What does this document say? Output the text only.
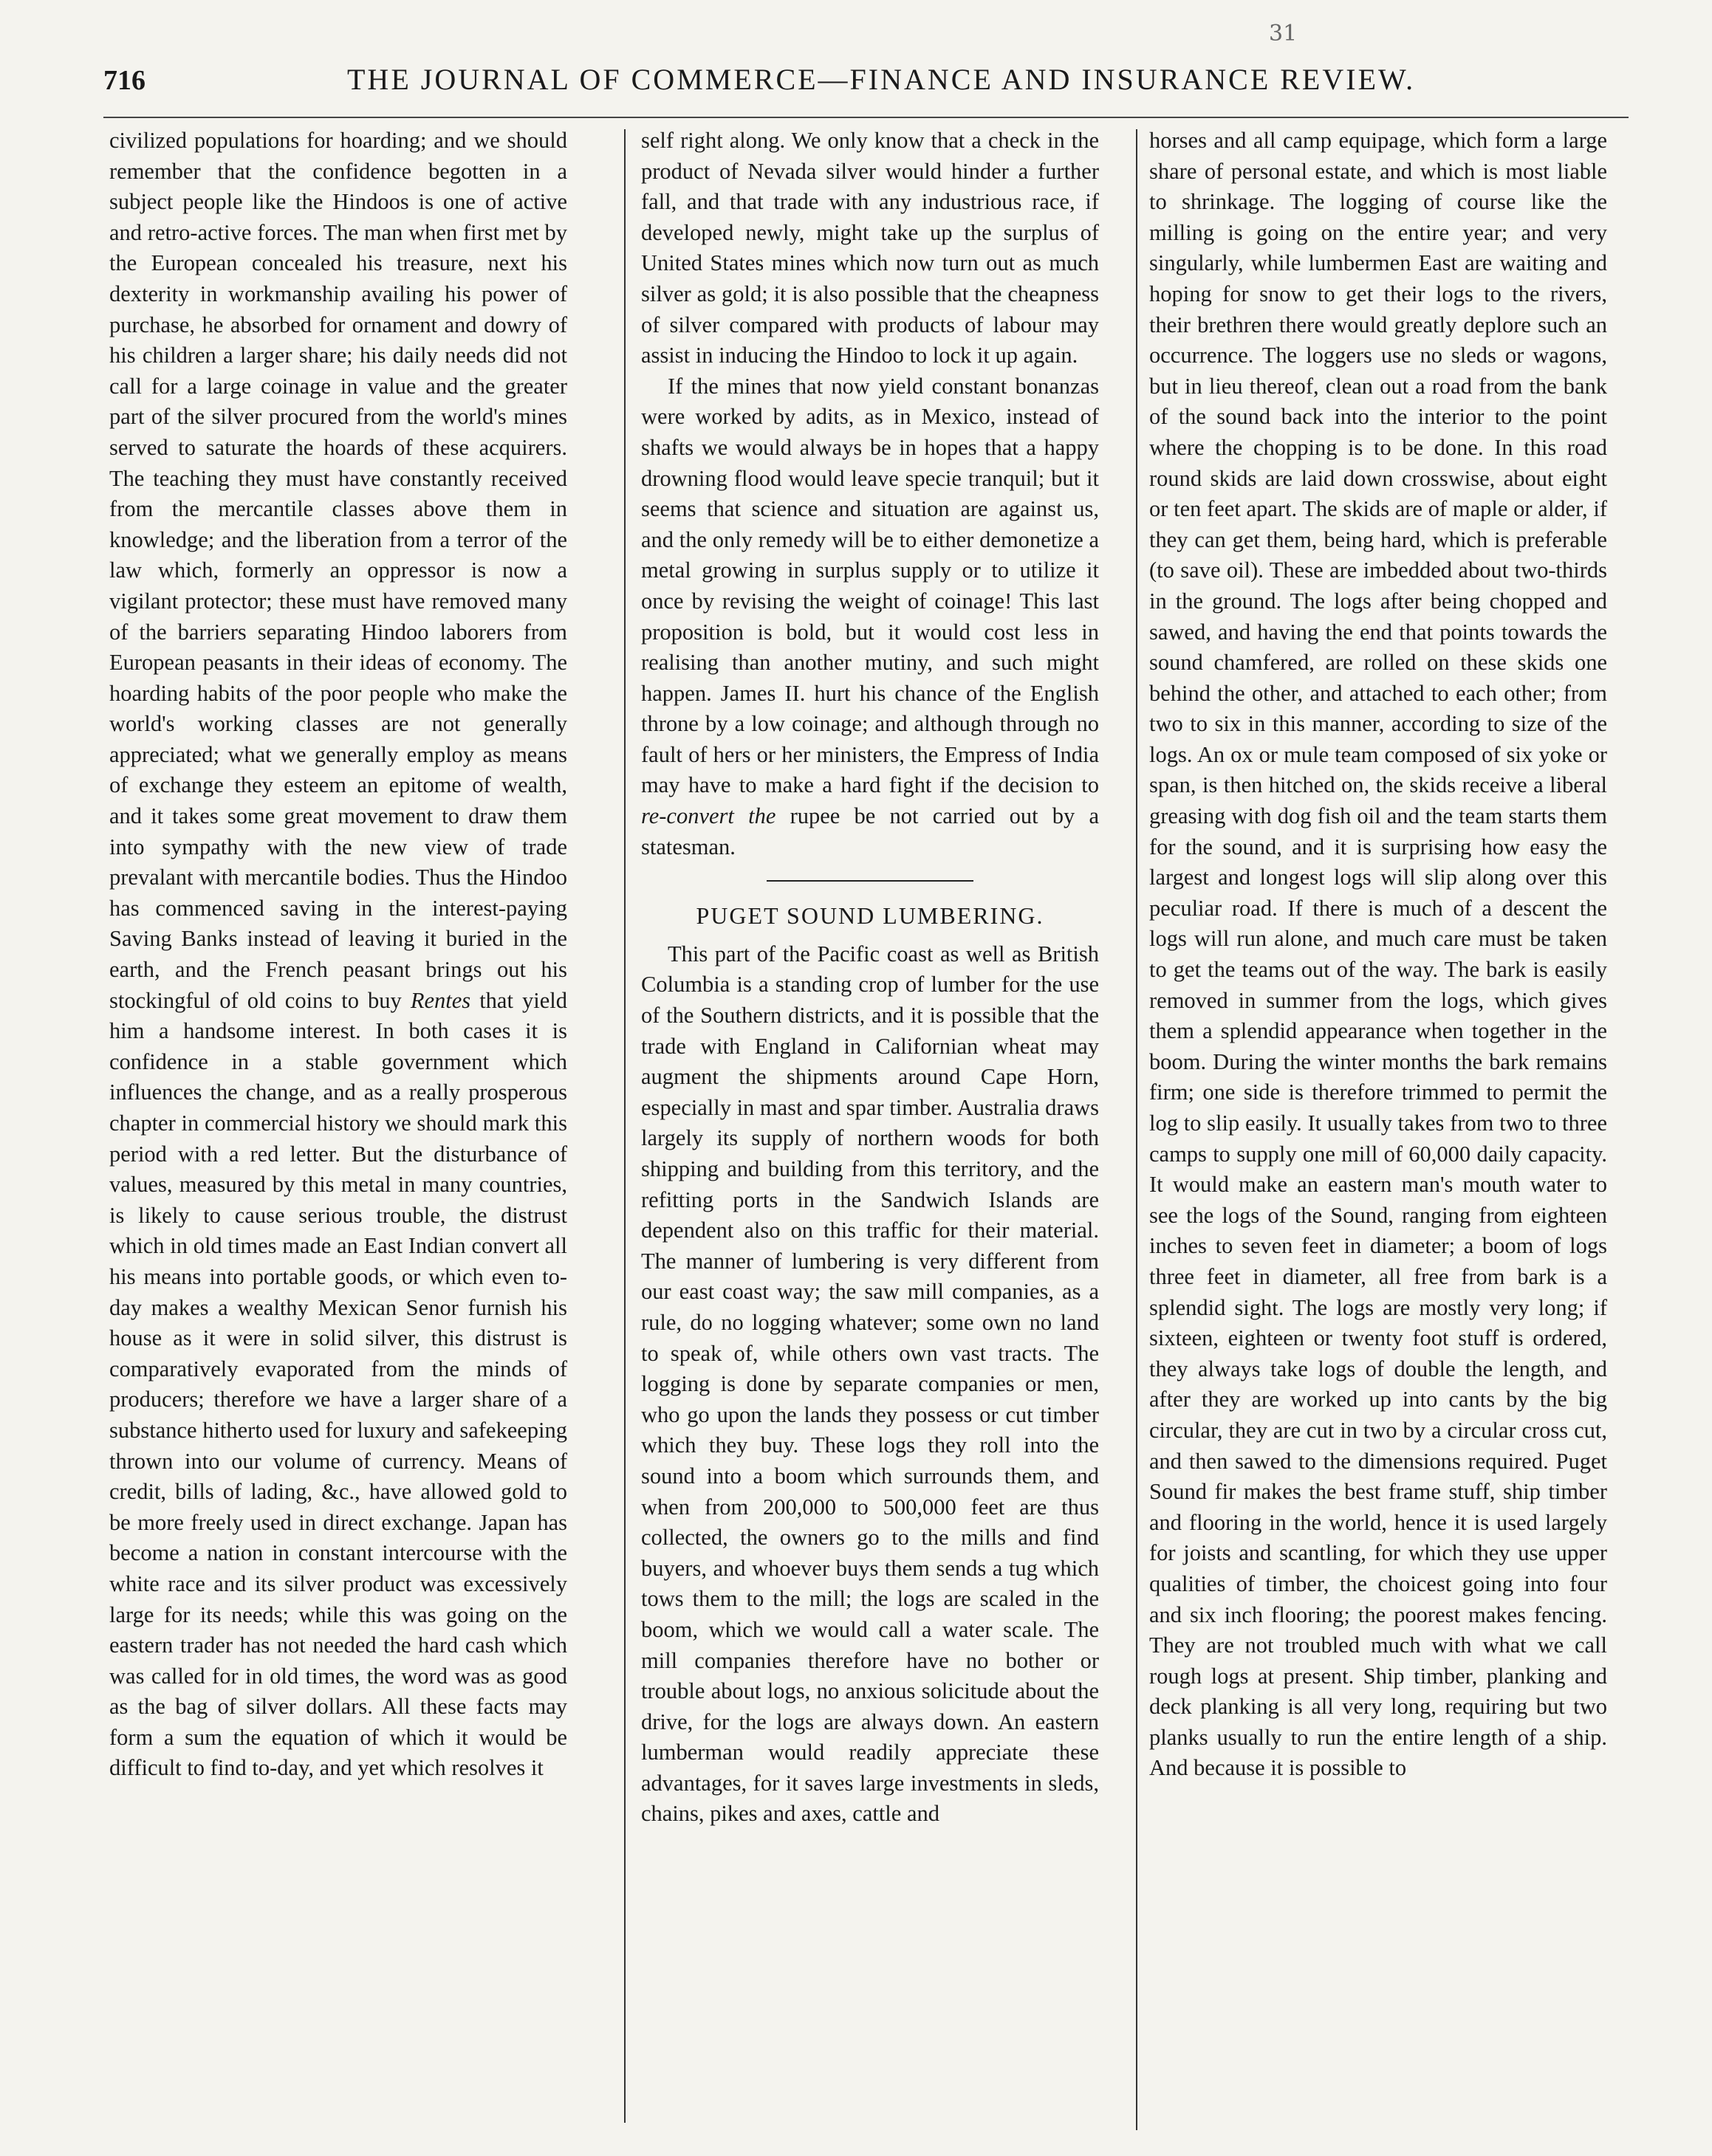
31
716	THE JOURNAL OF COMMERCE—FINANCE AND INSURANCE REVIEW.

civilized populations for hoarding; and we should remember that the confidence begotten in a subject people like the Hindoos is one of active and retro-active forces. The man when first met by the European concealed his treasure, next his dexterity in workmanship availing his power of purchase, he absorbed for ornament and dowry of his children a larger share; his daily needs did not call for a large coinage in value and the greater part of the silver procured from the world's mines served to saturate the hoards of these acquirers. The teaching they must have constantly received from the mercantile classes above them in knowledge; and the liberation from a terror of the law which, formerly an oppressor is now a vigilant protector; these must have removed many of the barriers separating Hindoo laborers from European peasants in their ideas of economy. The hoarding habits of the poor people who make the world's working classes are not generally appreciated; what we generally employ as means of exchange they esteem an epitome of wealth, and it takes some great movement to draw them into sympathy with the new view of trade prevalant with mercantile bodies. Thus the Hindoo has commenced saving in the interest-paying Saving Banks instead of leaving it buried in the earth, and the French peasant brings out his stockingful of old coins to buy Rentes that yield him a handsome interest. In both cases it is confidence in a stable government which influences the change, and as a really prosperous chapter in commercial history we should mark this period with a red letter. But the disturbance of values, measured by this metal in many countries, is likely to cause serious trouble, the distrust which in old times made an East Indian convert all his means into portable goods, or which even to-day makes a wealthy Mexican Senor furnish his house as it were in solid silver, this distrust is comparatively evaporated from the minds of producers; therefore we have a larger share of a substance hitherto used for luxury and safekeeping thrown into our volume of currency. Means of credit, bills of lading, &c., have allowed gold to be more freely used in direct exchange. Japan has become a nation in constant intercourse with the white race and its silver product was excessively large for its needs; while this was going on the eastern trader has not needed the hard cash which was called for in old times, the word was as good as the bag of silver dollars. All these facts may form a sum the equation of which it would be difficult to find to-day, and yet which resolves it

self right along. We only know that a check in the product of Nevada silver would hinder a further fall, and that trade with any industrious race, if developed newly, might take up the surplus of United States mines which now turn out as much silver as gold; it is also possible that the cheapness of silver compared with products of labour may assist in inducing the Hindoo to lock it up again.

If the mines that now yield constant bonanzas were worked by adits, as in Mexico, instead of shafts we would always be in hopes that a happy drowning flood would leave specie tranquil; but it seems that science and situation are against us, and the only remedy will be to either demonetize a metal growing in surplus supply or to utilize it once by revising the weight of coinage! This last proposition is bold, but it would cost less in realising than another mutiny, and such might happen. James II. hurt his chance of the English throne by a low coinage; and although through no fault of hers or her ministers, the Empress of India may have to make a hard fight if the decision to re-convert the rupee be not carried out by a statesman.

PUGET SOUND LUMBERING.

This part of the Pacific coast as well as British Columbia is a standing crop of lumber for the use of the Southern districts, and it is possible that the trade with England in Californian wheat may augment the shipments around Cape Horn, especially in mast and spar timber. Australia draws largely its supply of northern woods for both shipping and building from this territory, and the refitting ports in the Sandwich Islands are dependent also on this traffic for their material. The manner of lumbering is very different from our east coast way; the saw mill companies, as a rule, do no logging whatever; some own no land to speak of, while others own vast tracts. The logging is done by separate companies or men, who go upon the lands they possess or cut timber which they buy. These logs they roll into the sound into a boom which surrounds them, and when from 200,000 to 500,000 feet are thus collected, the owners go to the mills and find buyers, and whoever buys them sends a tug which tows them to the mill; the logs are scaled in the boom, which we would call a water scale. The mill companies therefore have no bother or trouble about logs, no anxious solicitude about the drive, for the logs are always down. An eastern lumberman would readily appreciate these advantages, for it saves large investments in sleds, chains, pikes and axes, cattle and

horses and all camp equipage, which form a large share of personal estate, and which is most liable to shrinkage. The logging of course like the milling is going on the entire year; and very singularly, while lumbermen East are waiting and hoping for snow to get their logs to the rivers, their brethren there would greatly deplore such an occurrence. The loggers use no sleds or wagons, but in lieu thereof, clean out a road from the bank of the sound back into the interior to the point where the chopping is to be done. In this road round skids are laid down crosswise, about eight or ten feet apart. The skids are of maple or alder, if they can get them, being hard, which is preferable (to save oil). These are imbedded about two-thirds in the ground. The logs after being chopped and sawed, and having the end that points towards the sound chamfered, are rolled on these skids one behind the other, and attached to each other; from two to six in this manner, according to size of the logs. An ox or mule team composed of six yoke or span, is then hitched on, the skids receive a liberal greasing with dog fish oil and the team starts them for the sound, and it is surprising how easy the largest and longest logs will slip along over this peculiar road. If there is much of a descent the logs will run alone, and much care must be taken to get the teams out of the way. The bark is easily removed in summer from the logs, which gives them a splendid appearance when together in the boom. During the winter months the bark remains firm; one side is therefore trimmed to permit the log to slip easily. It usually takes from two to three camps to supply one mill of 60,000 daily capacity. It would make an eastern man's mouth water to see the logs of the Sound, ranging from eighteen inches to seven feet in diameter; a boom of logs three feet in diameter, all free from bark is a splendid sight. The logs are mostly very long; if sixteen, eighteen or twenty foot stuff is ordered, they always take logs of double the length, and after they are worked up into cants by the big circular, they are cut in two by a circular cross cut, and then sawed to the dimensions required. Puget Sound fir makes the best frame stuff, ship timber and flooring in the world, hence it is used largely for joists and scantling, for which they use upper qualities of timber, the choicest going into four and six inch flooring; the poorest makes fencing. They are not troubled much with what we call rough logs at present. Ship timber, planking and deck planking is all very long, requiring but two planks usually to run the entire length of a ship. And because it is possible to
